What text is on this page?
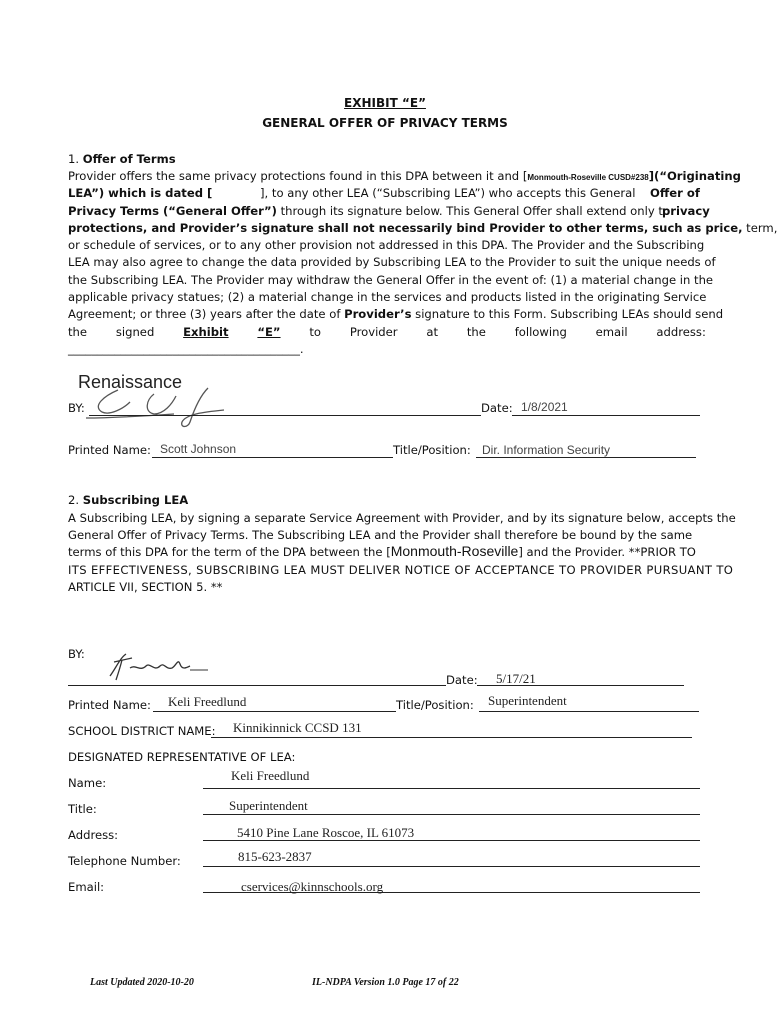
EXHIBIT “E”
GENERAL OFFER OF PRIVACY TERMS
1. Offer of Terms
Provider offers the same privacy protections found in this DPA between it and [Monmouth-Roseville CUSD#238](“Originating
LEA”) which is dated [	], to any other LEA (“Subscribing LEA”) who accepts this General Offer of
Privacy Terms (“General Offer”) through its signature below. This General Offer shall extend only to
privacy
protections, and Provider’s signature shall not necessarily bind Provider to other terms, such as price, term,
or schedule of services, or to any other provision not addressed in this DPA. The Provider and the Subscribing
LEA may also agree to change the data provided by Subscribing LEA to the Provider to suit the unique needs of
the Subscribing LEA. The Provider may withdraw the General Offer in the event of: (1) a material change in the
applicable privacy statues; (2) a material change in the services and products listed in the originating Service
Agreement; or three (3) years after the date of Provider’s signature to this Form. Subscribing LEAs should send
the signed Exhibit “E” to Provider at the following email address:
________________________________________.
Renaissance
BY:	Date: 1/8/2021
Printed Name: Scott Johnson	Title/Position: Dir. Information Security
2. Subscribing LEA
A Subscribing LEA, by signing a separate Service Agreement with Provider, and by its signature below, accepts the
General Offer of Privacy Terms. The Subscribing LEA and the Provider shall therefore be bound by the same
terms of this DPA for the term of the DPA between the [Monmouth-Roseville] and the Provider. **PRIOR TO
ITS EFFECTIVENESS, SUBSCRIBING LEA MUST DELIVER NOTICE OF ACCEPTANCE TO PROVIDER PURSUANT TO
ARTICLE VII, SECTION 5. **
BY:
Date: 5/17/21
Printed Name: Keli Freedlund	Title/Position: Superintendent
SCHOOL DISTRICT NAME: Kinnikinnick CCSD 131
DESIGNATED REPRESENTATIVE OF LEA:
Name:	Keli Freedlund
Title:	Superintendent
Address:	5410 Pine Lane Roscoe, IL 61073
Telephone Number:	815-623-2837
Email:	cservices@kinnschools.org
Last Updated 2020-10-20	IL-NDPA Version 1.0 Page 17 of 22
